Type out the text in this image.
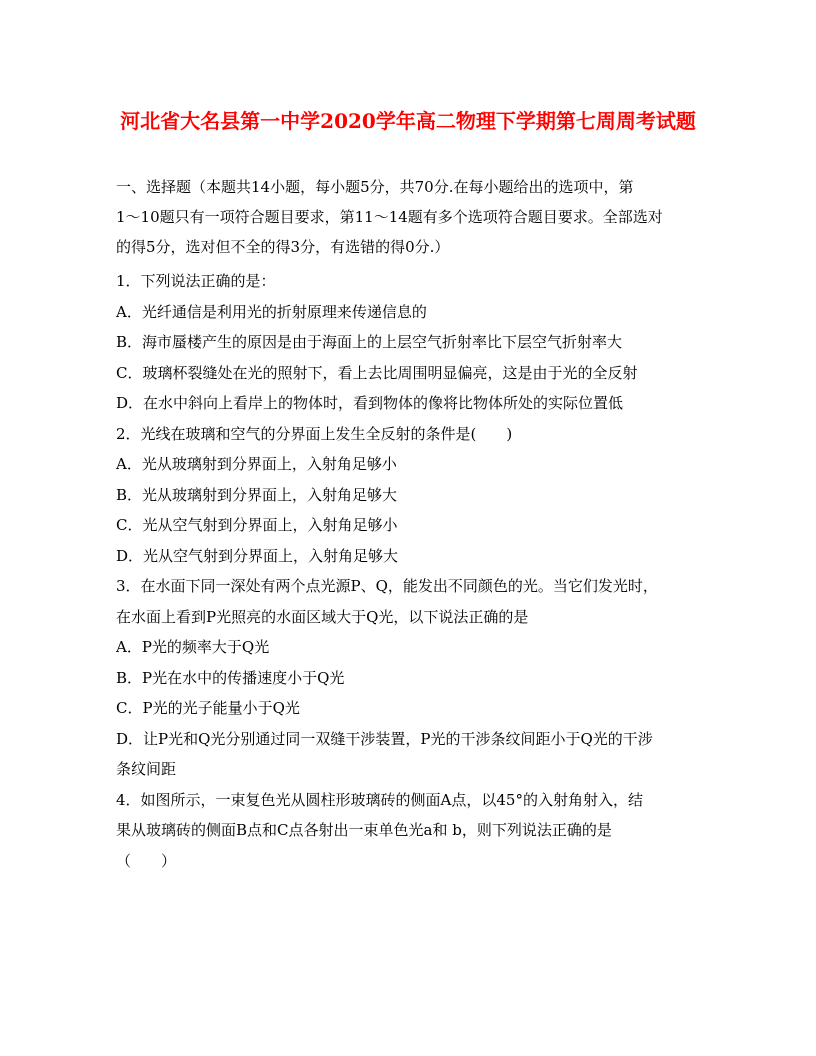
河北省大名县第一中学2020学年高二物理下学期第七周周考试题
一、选择题（本题共14小题，每小题5分，共70分.在每小题给出的选项中，第
1～10题只有一项符合题目要求，第11～14题有多个选项符合题目要求。全部选对
的得5分，选对但不全的得3分，有选错的得0分.）
1．下列说法正确的是：
A．光纤通信是利用光的折射原理来传递信息的
B．海市蜃楼产生的原因是由于海面上的上层空气折射率比下层空气折射率大
C．玻璃杯裂缝处在光的照射下，看上去比周围明显偏亮，这是由于光的全反射
D．在水中斜向上看岸上的物体时，看到物体的像将比物体所处的实际位置低
2．光线在玻璃和空气的分界面上发生全反射的条件是(　　)
A．光从玻璃射到分界面上，入射角足够小
B．光从玻璃射到分界面上，入射角足够大
C．光从空气射到分界面上，入射角足够小
D．光从空气射到分界面上，入射角足够大
3．在水面下同一深处有两个点光源P、Q，能发出不同颜色的光。当它们发光时，
在水面上看到P光照亮的水面区域大于Q光，以下说法正确的是
A．P光的频率大于Q光
B．P光在水中的传播速度小于Q光
C．P光的光子能量小于Q光
D．让P光和Q光分别通过同一双缝干涉装置，P光的干涉条纹间距小于Q光的干涉
条纹间距
4．如图所示，一束复色光从圆柱形玻璃砖的侧面A点，以45°的入射角射入，结
果从玻璃砖的侧面B点和C点各射出一束单色光a和 b，则下列说法正确的是
（　　）
